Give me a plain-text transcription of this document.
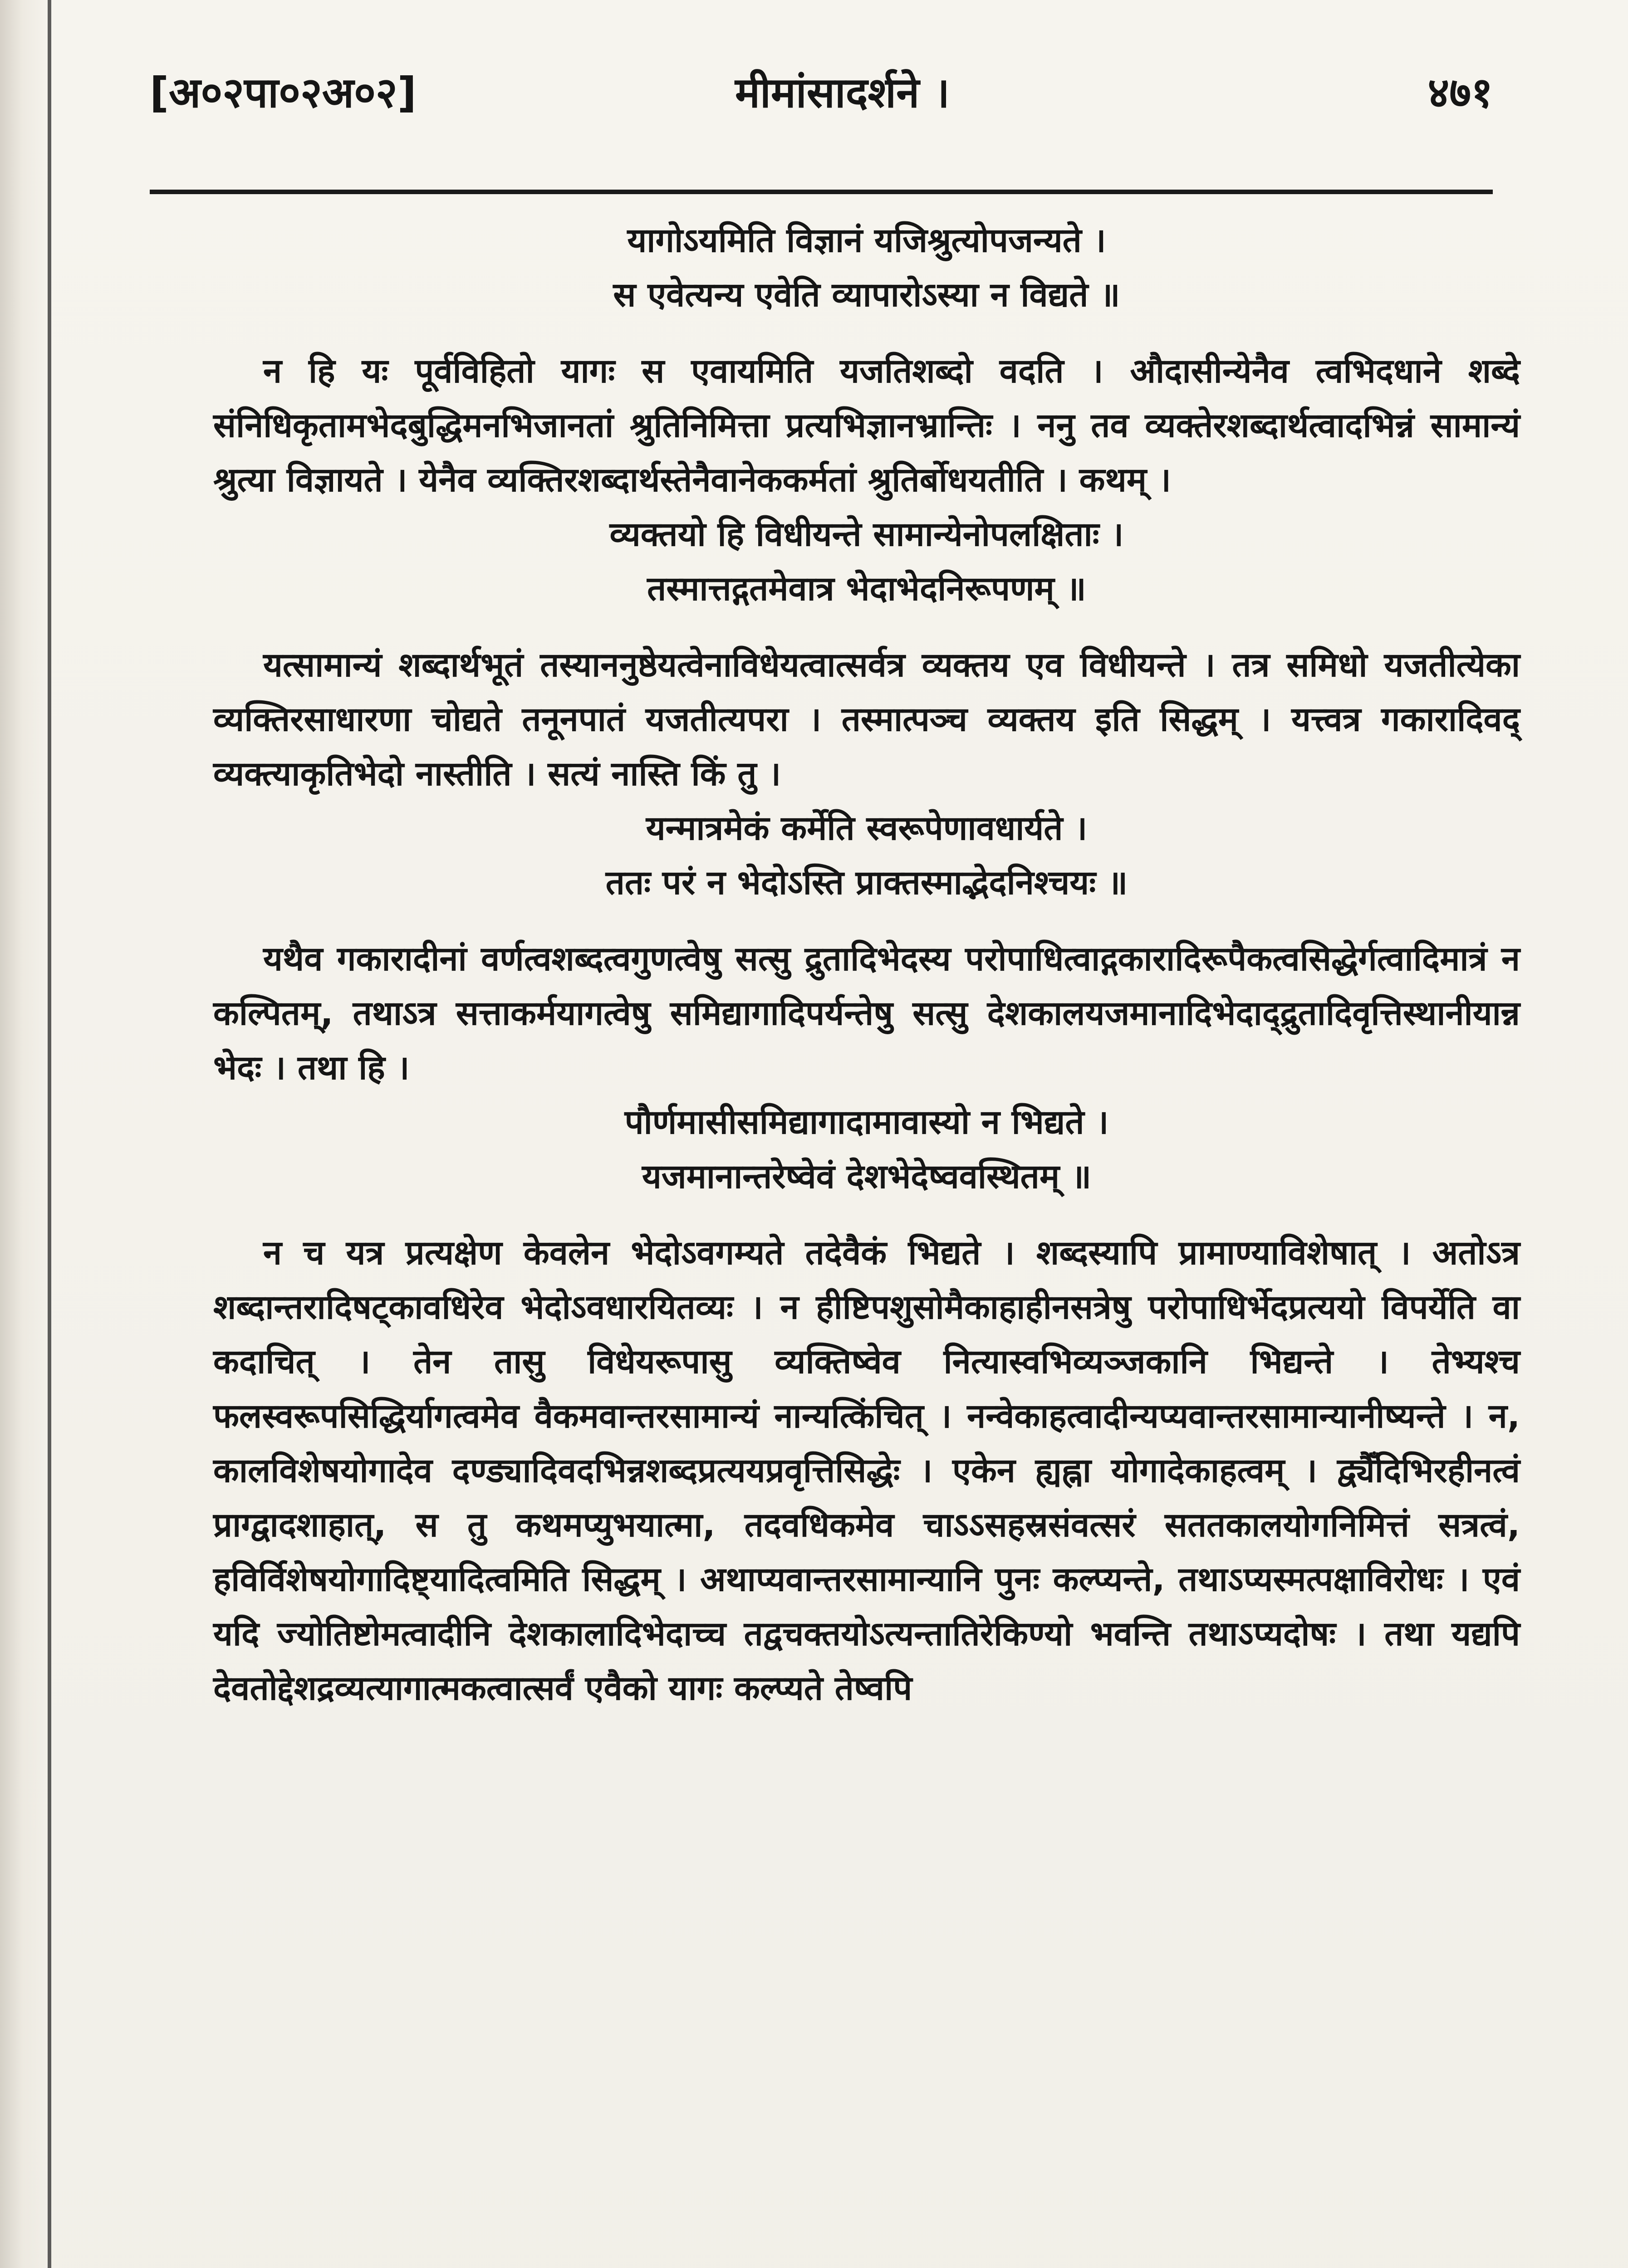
[अ०२पा०२अ०२]	मीमांसादर्शने ।	४७१
यागोऽयमिति विज्ञानं यजिश्रुत्योपजन्यते ।
स एवेत्यन्य एवेति व्यापारोऽस्या न विद्यते ॥
न हि यः पूर्वविहितो यागः स एवायमिति यजतिशब्दो वदति । औदासीन्येनैव त्वभिदधाने शब्दे संनिधिकृतामभेदबुद्धिमनभिजानतां श्रुतिनिमित्ता प्रत्यभिज्ञानभ्रान्तिः । ननु तव व्यक्तेरशब्दार्थत्वादभिन्नं सामान्यं श्रुत्या विज्ञायते । येनैव व्यक्तिरशब्दार्थस्तेनैवानेककर्मतां श्रुतिर्बोधयतीति । कथम् ।
व्यक्तयो हि विधीयन्ते सामान्येनोपलक्षिताः ।
तस्मात्तद्गतमेवात्र भेदाभेदनिरूपणम् ॥
यत्सामान्यं शब्दार्थभूतं तस्याननुष्ठेयत्वेनाविधेयत्वात्सर्वत्र व्यक्तय एव विधीयन्ते । तत्र समिधो यजतीत्येका व्यक्तिरसाधारणा चोद्यते तनूनपातं यजतीत्यपरा । तस्मात्पञ्च व्यक्तय इति सिद्धम् । यत्त्वत्र गकारादिवद् व्यक्त्याकृतिभेदो नास्तीति । सत्यं नास्ति किं तु ।
यन्मात्रमेकं कर्मेति स्वरूपेणावधार्यते ।
ततः परं न भेदोऽस्ति प्राक्तस्माद्भेदनिश्चयः ॥
यथैव गकारादीनां वर्णत्वशब्दत्वगुणत्वेषु सत्सु द्रुतादिभेदस्य परोपाधित्वाद्गकारादिरूपैकत्वसिद्धेर्गत्वादिमात्रं न कल्पितम्, तथाऽत्र सत्ताकर्मयागत्वेषु समिद्यागादिपर्यन्तेषु सत्सु देशकालयजमानादिभेदाद्द्रुतादिवृत्तिस्थानीयान्न भेदः । तथा हि ।
पौर्णमासीसमिद्यागादामावास्यो न भिद्यते ।
यजमानान्तरेष्वेवं देशभेदेष्ववस्थितम् ॥
न च यत्र प्रत्यक्षेण केवलेन भेदोऽवगम्यते तदेवैकं भिद्यते । शब्दस्यापि प्रामाण्याविशेषात् । अतोऽत्र शब्दान्तरादिषट्कावधिरेव भेदोऽवधारयितव्यः । न हीष्टिपशुसोमैकाहाहीनसत्रेषु परोपाधिर्भेदप्रत्ययो विपर्येति वा कदाचित् । तेन तासु विधेयरूपासु व्यक्तिष्वेव नित्यास्वभिव्यञ्जकानि भिद्यन्ते । तेभ्यश्च फलस्वरूपसिद्धिर्यागत्वमेव वैकमवान्तरसामान्यं नान्यत्किंचित् । नन्वेकाहत्वादीन्यप्यवान्तरसामान्यानीष्यन्ते । न, कालविशेषयोगादेव दण्ड्यादिवदभिन्नशब्दप्रत्ययप्रवृत्तिसिद्धेः । एकेन ह्यह्ना योगादेकाहत्वम् । द्व्यैँदिभिरहीनत्वं प्राग्द्वादशाहात्, स तु कथमप्युभयात्मा, तदवधिकमेव चाऽऽसहस्रसंवत्सरं सततकालयोगनिमित्तं सत्रत्वं, हविर्विशेषयोगादिष्ट्यादित्वमिति सिद्धम् । अथाप्यवान्तरसामान्यानि पुनः कल्प्यन्ते, तथाऽप्यस्मत्पक्षाविरोधः । एवं यदि ज्योतिष्टोमत्वादीनि देशकालादिभेदाच्च तद्वचक्तयोऽत्यन्तातिरेकिण्यो भवन्ति तथाऽप्यदोषः । तथा यद्यपि देवतोद्देशद्रव्यत्यागात्मकत्वात्सर्वं एवैको यागः कल्प्यते तेष्वपि
